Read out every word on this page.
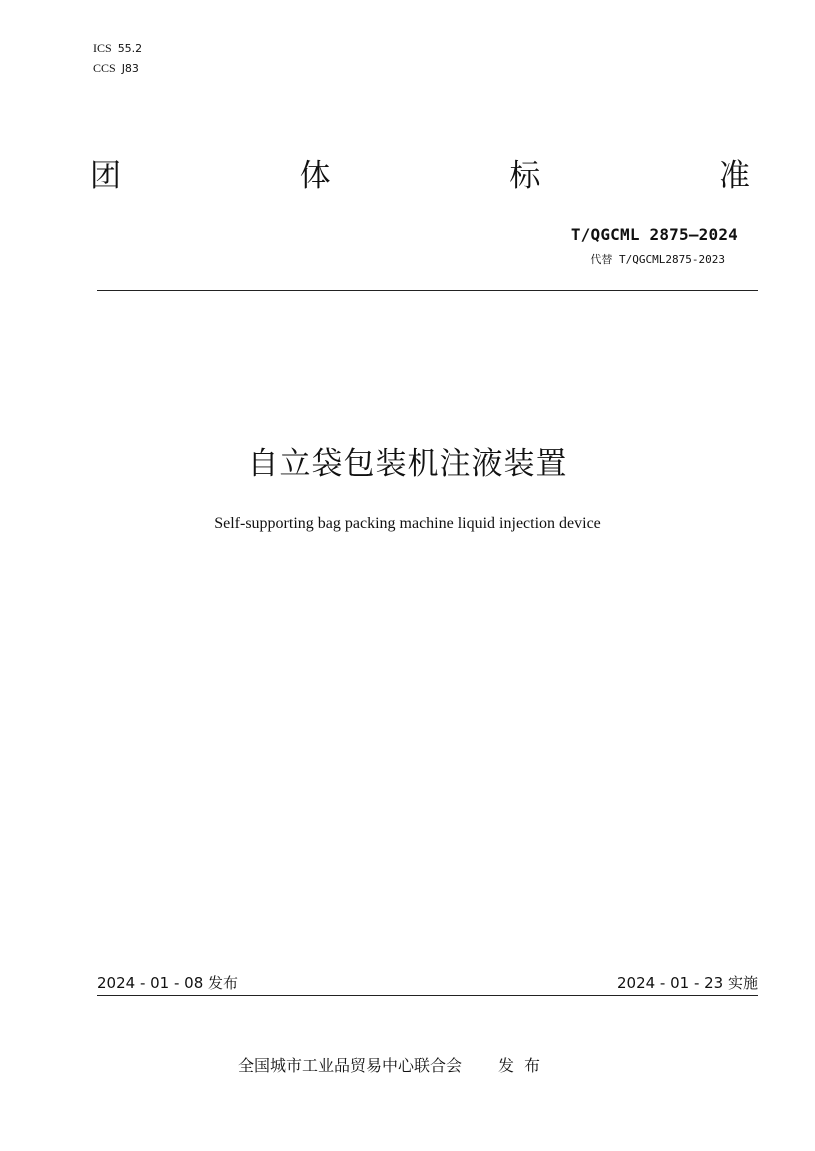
ICS 55.2
CCS J83
团	体	标	准
T/QGCML 2875—2024
代替 T/QGCML2875-2023
自立袋包装机注液装置
Self-supporting bag packing machine liquid injection device
2024 - 01 - 08 发布	2024 - 01 - 23 实施
全国城市工业品贸易中心联合会 发布
